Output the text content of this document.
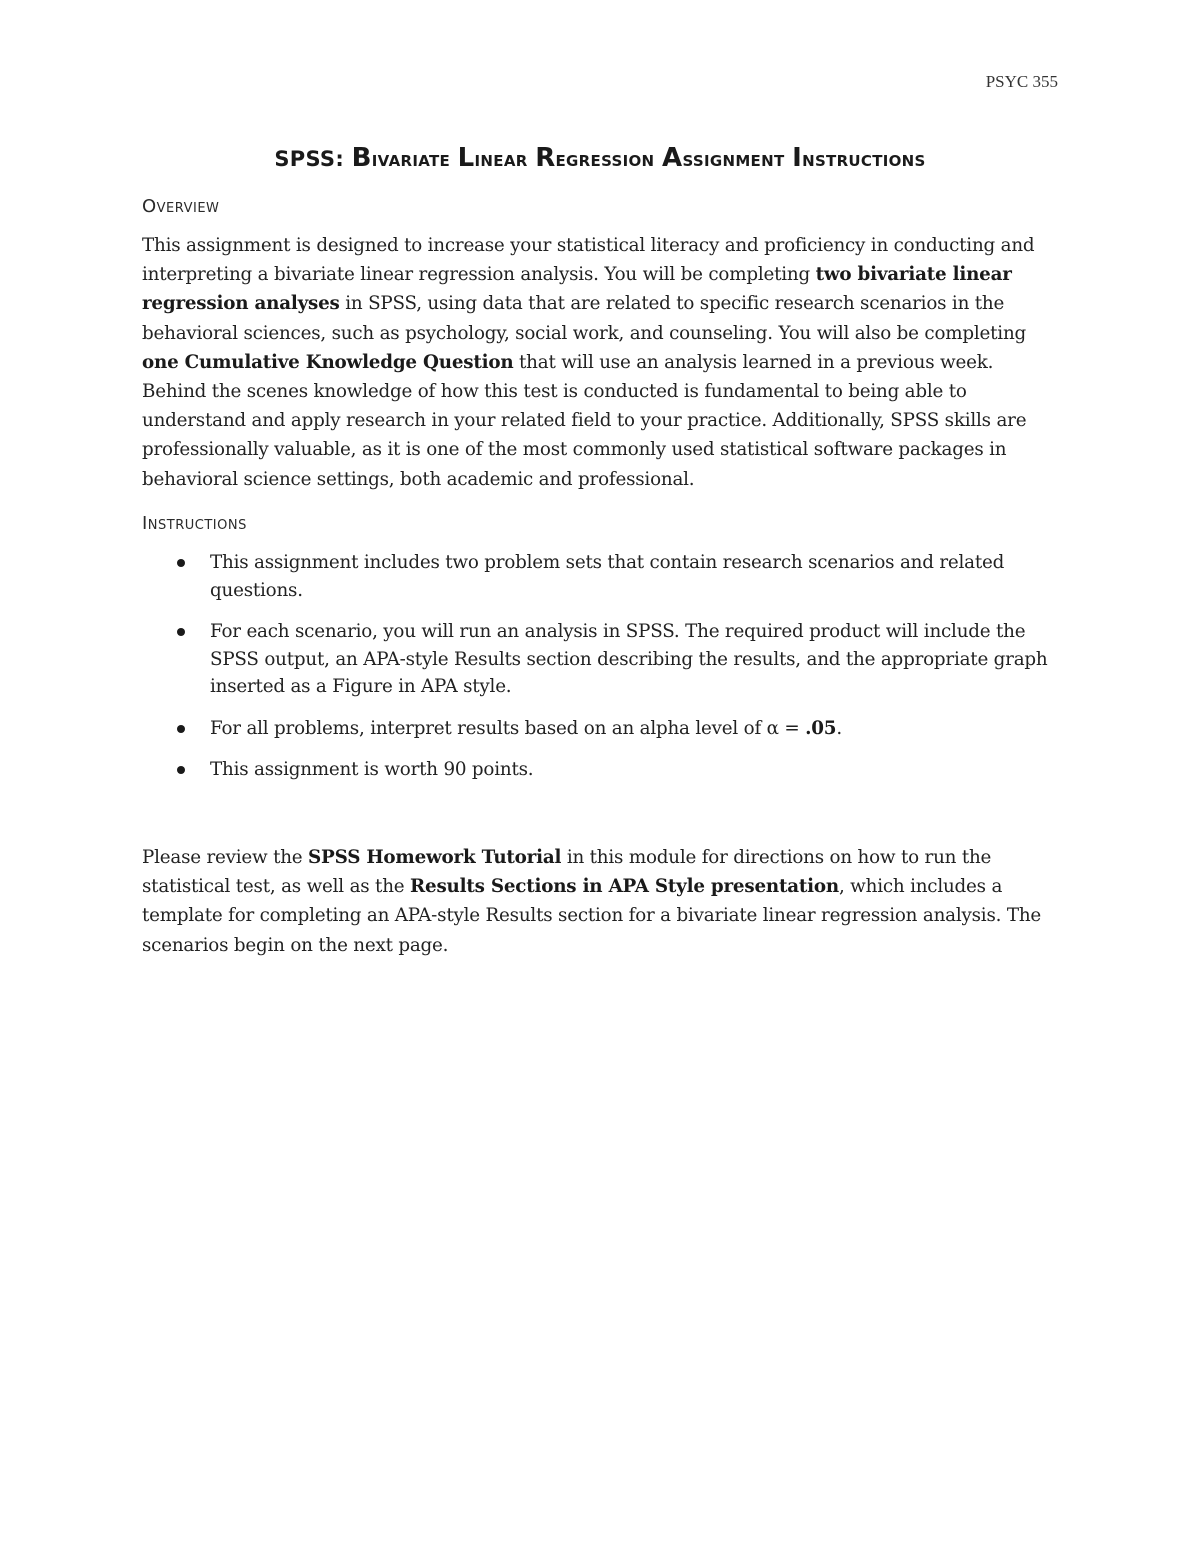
PSYC 355
SPSS: Bivariate Linear Regression Assignment Instructions
Overview
This assignment is designed to increase your statistical literacy and proficiency in conducting and interpreting a bivariate linear regression analysis. You will be completing two bivariate linear regression analyses in SPSS, using data that are related to specific research scenarios in the behavioral sciences, such as psychology, social work, and counseling. You will also be completing one Cumulative Knowledge Question that will use an analysis learned in a previous week. Behind the scenes knowledge of how this test is conducted is fundamental to being able to understand and apply research in your related field to your practice. Additionally, SPSS skills are professionally valuable, as it is one of the most commonly used statistical software packages in behavioral science settings, both academic and professional.
Instructions
This assignment includes two problem sets that contain research scenarios and related questions.
For each scenario, you will run an analysis in SPSS. The required product will include the SPSS output, an APA-style Results section describing the results, and the appropriate graph inserted as a Figure in APA style.
For all problems, interpret results based on an alpha level of α = .05.
This assignment is worth 90 points.
Please review the SPSS Homework Tutorial in this module for directions on how to run the statistical test, as well as the Results Sections in APA Style presentation, which includes a template for completing an APA-style Results section for a bivariate linear regression analysis. The scenarios begin on the next page.
